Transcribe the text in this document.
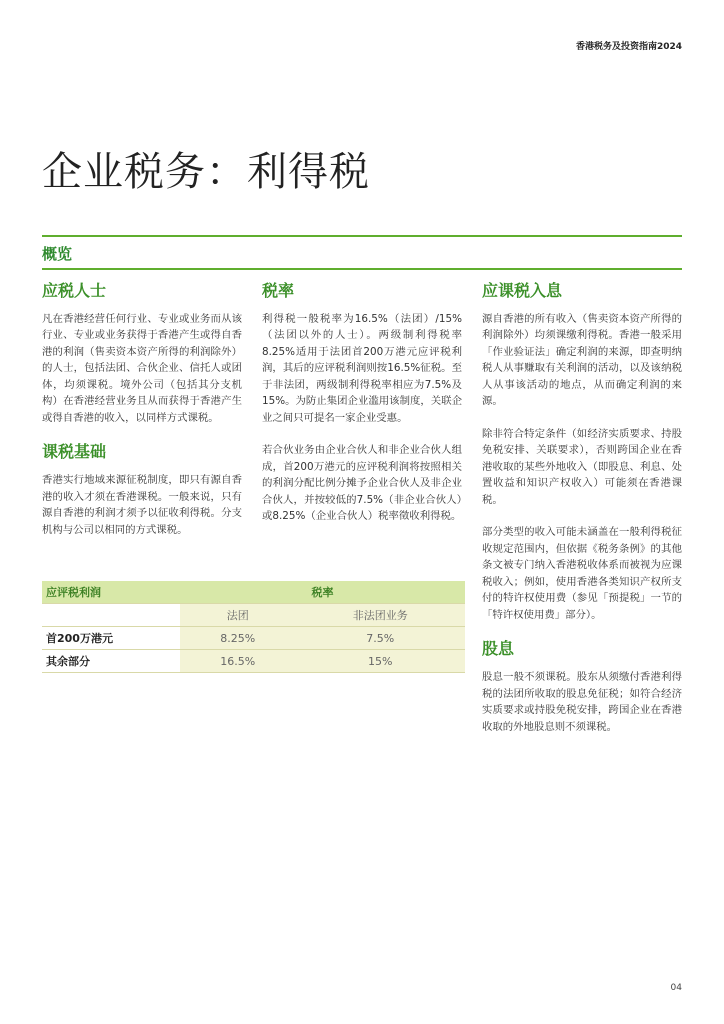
香港税务及投资指南2024
企业税务：利得税
概览
应税人士

凡在香港经营任何行业、专业或业务而从该行业、专业或业务获得于香港产生或得自香港的利润（售卖资本资产所得的利润除外）的人士，包括法团、合伙企业、信托人或团体，均须课税。境外公司（包括其分支机构）在香港经营业务且从而获得于香港产生或得自香港的收入，以同样方式课税。

课税基础

香港实行地域来源征税制度，即只有源自香港的收入才须在香港课税。一般来说，只有源自香港的利润才须予以征收利得税。分支机构与公司以相同的方式课税。

税率

利得税一般税率为16.5%（法团）/15%（法团以外的人士）。两级制利得税率8.25%适用于法团首200万港元应评税利润，其后的应评税利润则按16.5%征税。至于非法团，两级制利得税率相应为7.5%及15%。为防止集团企业滥用该制度，关联企业之间只可提名一家企业受惠。

若合伙业务由企业合伙人和非企业合伙人组成，首200万港元的应评税利润将按照相关的利润分配比例分摊予企业合伙人及非企业合伙人，并按较低的7.5%（非企业合伙人）或8.25%（企业合伙人）税率徵收利得税。

应课税入息

源自香港的所有收入（售卖资本资产所得的利润除外）均须课缴利得税。香港一般采用「作业验证法」确定利润的来源，即查明纳税人从事赚取有关利润的活动，以及该纳税人从事该活动的地点，从而确定利润的来源。

除非符合特定条件（如经济实质要求、持股免税安排、关联要求），否则跨国企业在香港收取的某些外地收入（即股息、利息、处置收益和知识产权收入）可能须在香港课税。

部分类型的收入可能未涵盖在一般利得税征收规定范围内，但依据《税务条例》的其他条文被专门纳入香港税收体系而被视为应课税收入；例如，使用香港各类知识产权所支付的特许权使用费（参见「预提税」一节的「特许权使用费」部分）。

股息

股息一般不须课税。股东从须缴付香港利得税的法团所收取的股息免征税；如符合经济实质要求或持股免税安排，跨国企业在香港收取的外地股息则不须课税。

应评税利润	税率	
	法团	非法团业务
首200万港元	8.25%	7.5%
其余部分	16.5%	15%
04
